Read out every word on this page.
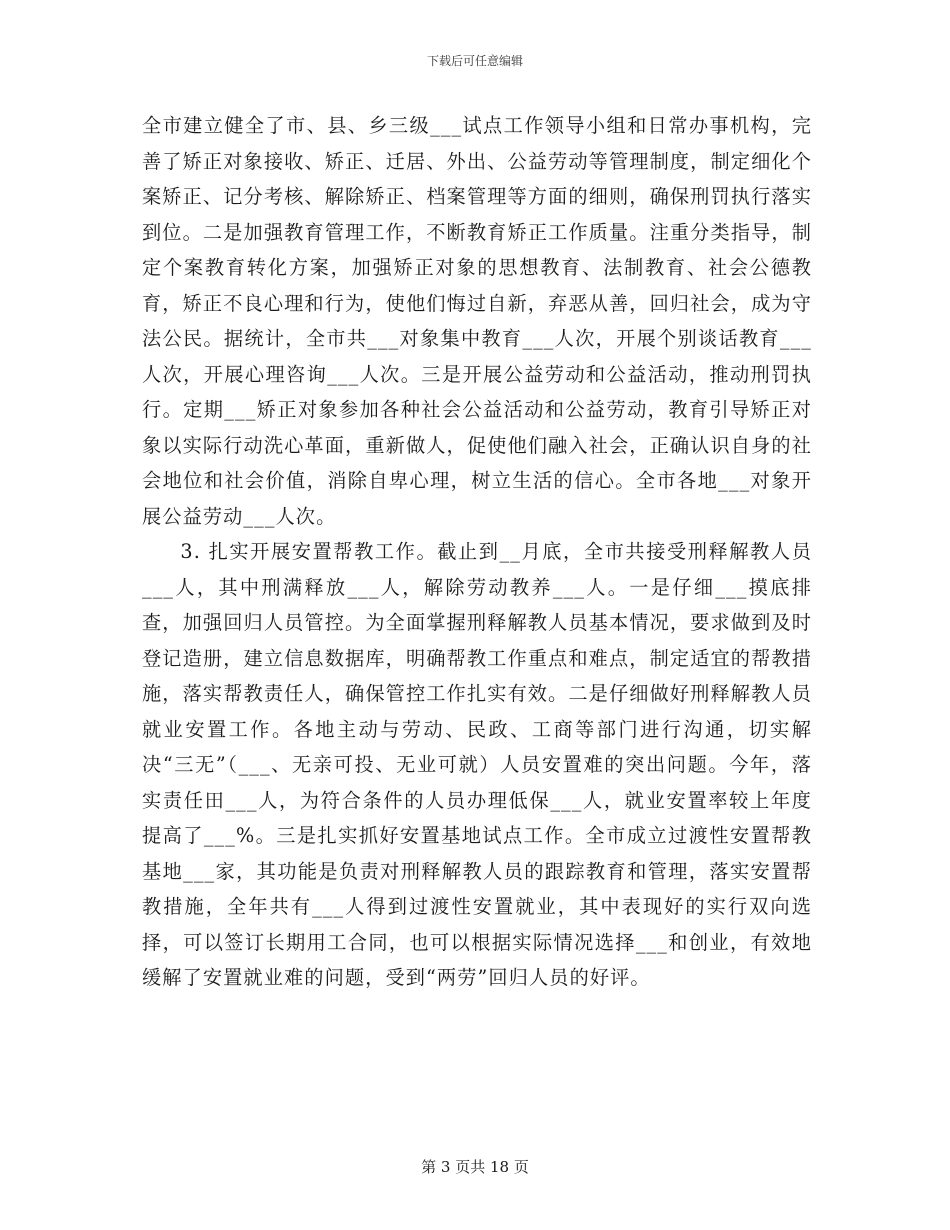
下载后可任意编辑

全市建立健全了市、县、乡三级___试点工作领导小组和日常办事机构，完善了矫正对象接收、矫正、迁居、外出、公益劳动等管理制度，制定细化个案矫正、记分考核、解除矫正、档案管理等方面的细则，确保刑罚执行落实到位。二是加强教育管理工作，不断教育矫正工作质量。注重分类指导，制定个案教育转化方案，加强矫正对象的思想教育、法制教育、社会公德教育，矫正不良心理和行为，使他们悔过自新，弃恶从善，回归社会，成为守法公民。据统计，全市共___对象集中教育___人次，开展个别谈话教育___人次，开展心理咨询___人次。三是开展公益劳动和公益活动，推动刑罚执行。定期___矫正对象参加各种社会公益活动和公益劳动，教育引导矫正对象以实际行动洗心革面，重新做人，促使他们融入社会，正确认识自身的社会地位和社会价值，消除自卑心理，树立生活的信心。全市各地___对象开展公益劳动___人次。

3. 扎实开展安置帮教工作。截止到__月底，全市共接受刑释解教人员___人，其中刑满释放___人，解除劳动教养___人。一是仔细___摸底排查，加强回归人员管控。为全面掌握刑释解教人员基本情况，要求做到及时登记造册，建立信息数据库，明确帮教工作重点和难点，制定适宜的帮教措施，落实帮教责任人，确保管控工作扎实有效。二是仔细做好刑释解教人员就业安置工作。各地主动与劳动、民政、工商等部门进行沟通，切实解决“三无”（___、无亲可投、无业可就）人员安置难的突出问题。今年，落实责任田___人，为符合条件的人员办理低保___人，就业安置率较上年度提高了___%。三是扎实抓好安置基地试点工作。全市成立过渡性安置帮教基地___家，其功能是负责对刑释解教人员的跟踪教育和管理，落实安置帮教措施，全年共有___人得到过渡性安置就业，其中表现好的实行双向选择，可以签订长期用工合同，也可以根据实际情况选择___和创业，有效地缓解了安置就业难的问题，受到“两劳”回归人员的好评。

第 3 页共 18 页
